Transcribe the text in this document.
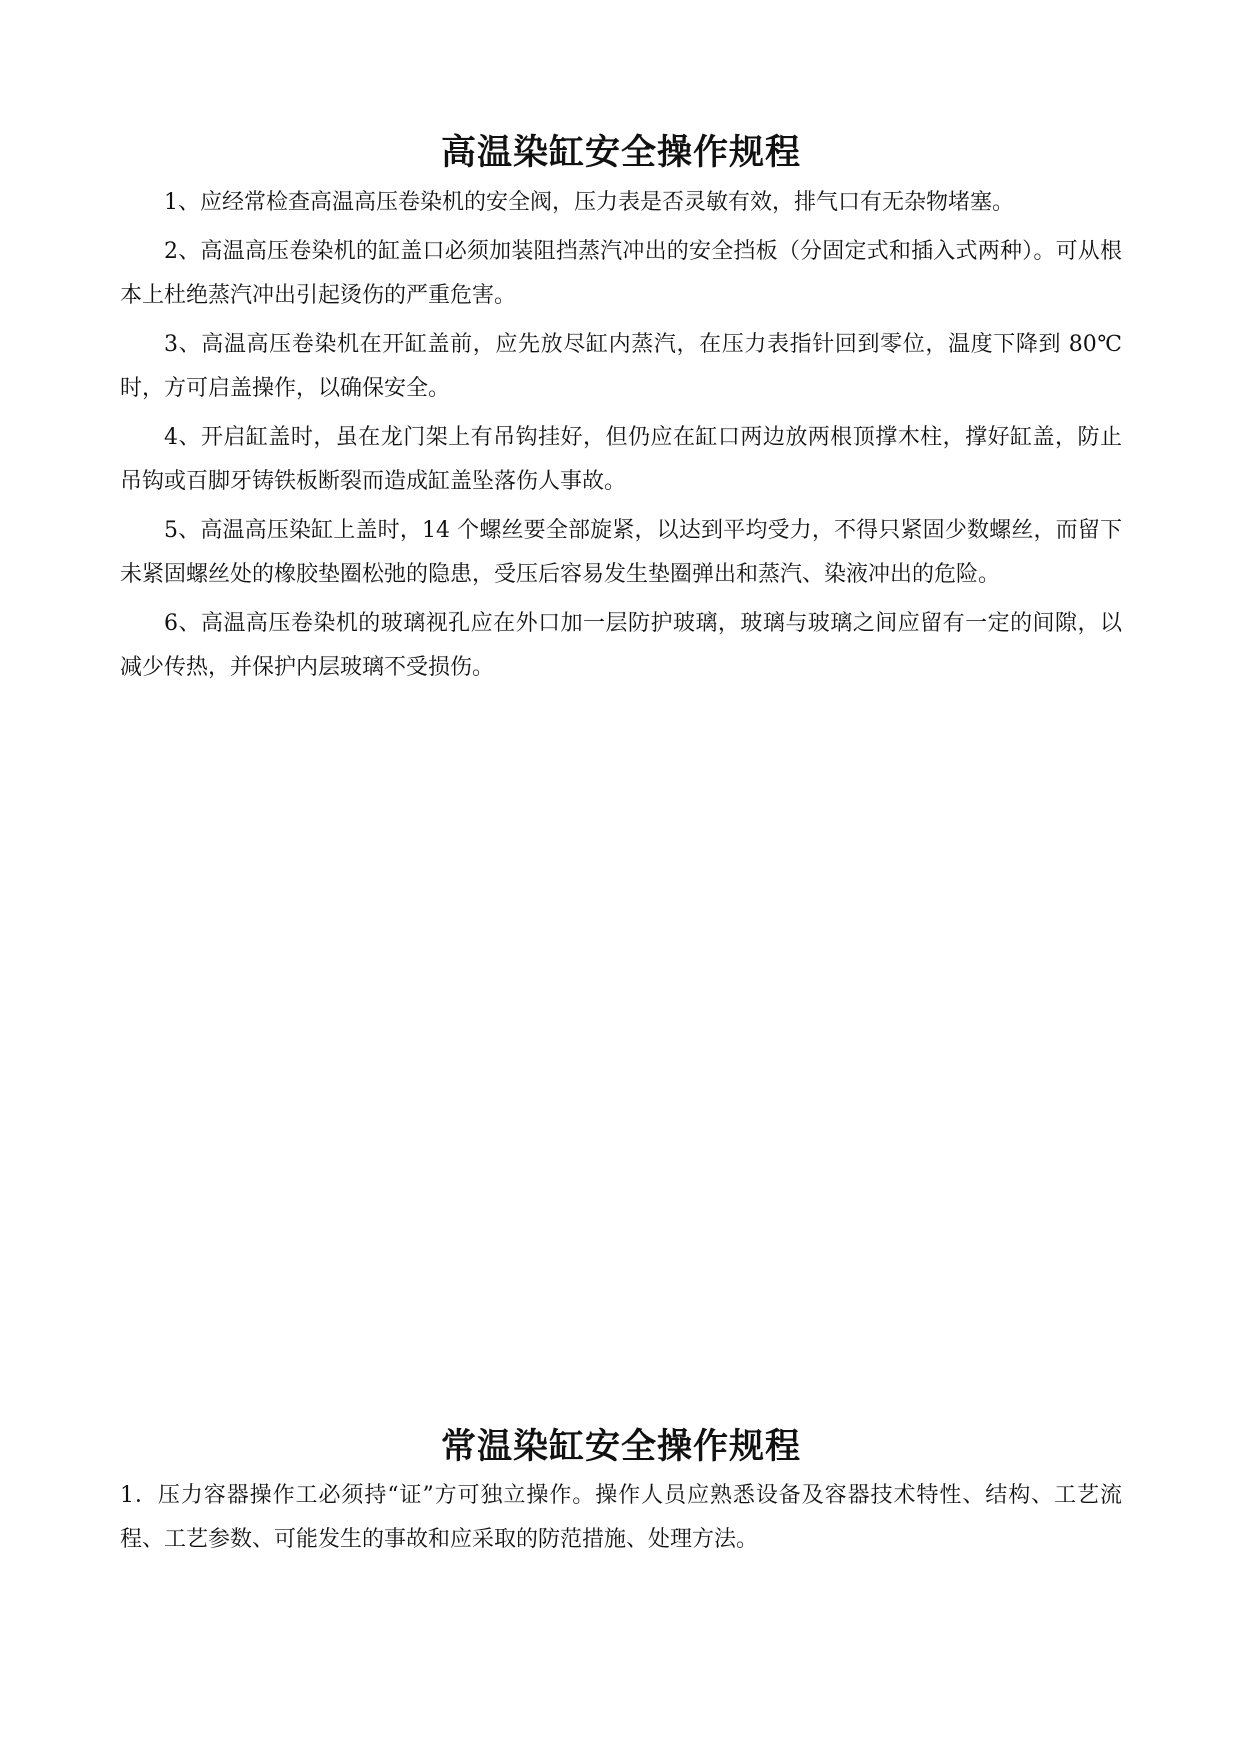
高温染缸安全操作规程

1、应经常检查高温高压卷染机的安全阀，压力表是否灵敏有效，排气口有无杂物堵塞。

2、高温高压卷染机的缸盖口必须加装阻挡蒸汽冲出的安全挡板（分固定式和插入式两种）。可从根本上杜绝蒸汽冲出引起烫伤的严重危害。

3、高温高压卷染机在开缸盖前，应先放尽缸内蒸汽，在压力表指针回到零位，温度下降到 80℃时，方可启盖操作，以确保安全。

4、开启缸盖时，虽在龙门架上有吊钩挂好，但仍应在缸口两边放两根顶撑木柱，撑好缸盖，防止吊钩或百脚牙铸铁板断裂而造成缸盖坠落伤人事故。

5、高温高压染缸上盖时，14 个螺丝要全部旋紧，以达到平均受力，不得只紧固少数螺丝，而留下未紧固螺丝处的橡胶垫圈松弛的隐患，受压后容易发生垫圈弹出和蒸汽、染液冲出的危险。

6、高温高压卷染机的玻璃视孔应在外口加一层防护玻璃，玻璃与玻璃之间应留有一定的间隙，以减少传热，并保护内层玻璃不受损伤。

常温染缸安全操作规程

1．压力容器操作工必须持“证”方可独立操作。操作人员应熟悉设备及容器技术特性、结构、工艺流程、工艺参数、可能发生的事故和应采取的防范措施、处理方法。
